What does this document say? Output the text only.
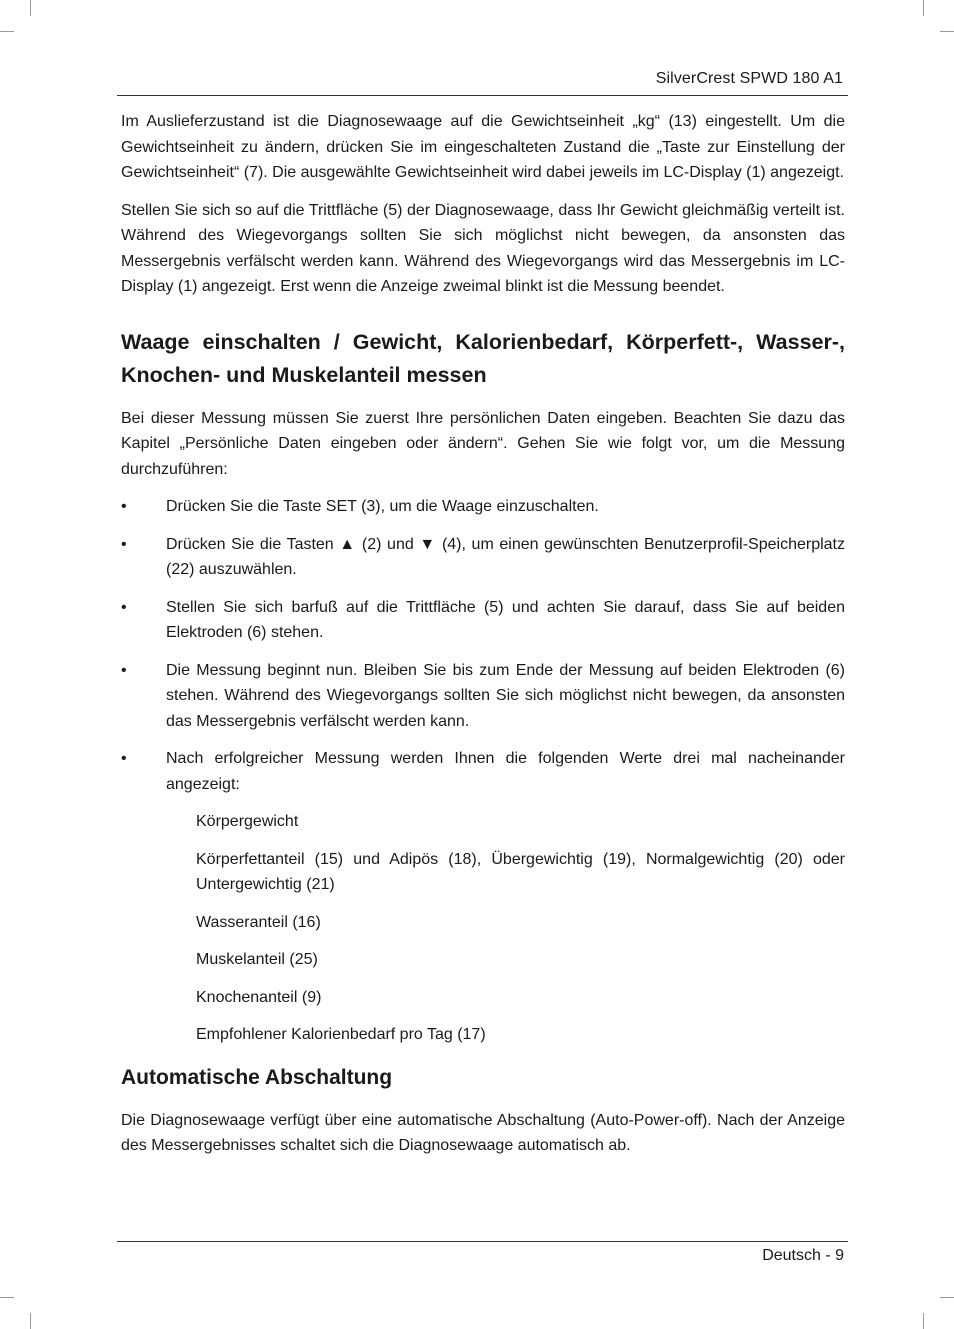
SilverCrest SPWD 180 A1

Im Auslieferzustand ist die Diagnosewaage auf die Gewichtseinheit „kg“ (13) eingestellt. Um die Gewichtseinheit zu ändern, drücken Sie im eingeschalteten Zustand die „Taste zur Einstellung der Gewichtseinheit“ (7). Die ausgewählte Gewichtseinheit wird dabei jeweils im LC-Display (1) angezeigt.

Stellen Sie sich so auf die Trittfläche (5) der Diagnosewaage, dass Ihr Gewicht gleichmäßig verteilt ist. Während des Wiegevorgangs sollten Sie sich möglichst nicht bewegen, da ansonsten das Messergebnis verfälscht werden kann. Während des Wiegevorgangs wird das Messergebnis im LC-Display (1) angezeigt. Erst wenn die Anzeige zweimal blinkt ist die Messung beendet.

Waage einschalten / Gewicht, Kalorienbedarf, Körperfett-, Wasser-, Knochen- und Muskelanteil messen

Bei dieser Messung müssen Sie zuerst Ihre persönlichen Daten eingeben. Beachten Sie dazu das Kapitel „Persönliche Daten eingeben oder ändern“. Gehen Sie wie folgt vor, um die Messung durchzuführen:

• Drücken Sie die Taste SET (3), um die Waage einzuschalten.
• Drücken Sie die Tasten ▲ (2) und ▼ (4), um einen gewünschten Benutzerprofil-Speicherplatz (22) auszuwählen.
• Stellen Sie sich barfuß auf die Trittfläche (5) und achten Sie darauf, dass Sie auf beiden Elektroden (6) stehen.
• Die Messung beginnt nun. Bleiben Sie bis zum Ende der Messung auf beiden Elektroden (6) stehen. Während des Wiegevorgangs sollten Sie sich möglichst nicht bewegen, da ansonsten das Messergebnis verfälscht werden kann.
• Nach erfolgreicher Messung werden Ihnen die folgenden Werte drei mal nacheinander angezeigt:
Körpergewicht
Körperfettanteil (15) und Adipös (18), Übergewichtig (19), Normalgewichtig (20) oder Untergewichtig (21)
Wasseranteil (16)
Muskelanteil (25)
Knochenanteil (9)
Empfohlener Kalorienbedarf pro Tag (17)
Automatische Abschaltung

Die Diagnosewaage verfügt über eine automatische Abschaltung (Auto-Power-off). Nach der Anzeige des Messergebnisses schaltet sich die Diagnosewaage automatisch ab.

Deutsch - 9
